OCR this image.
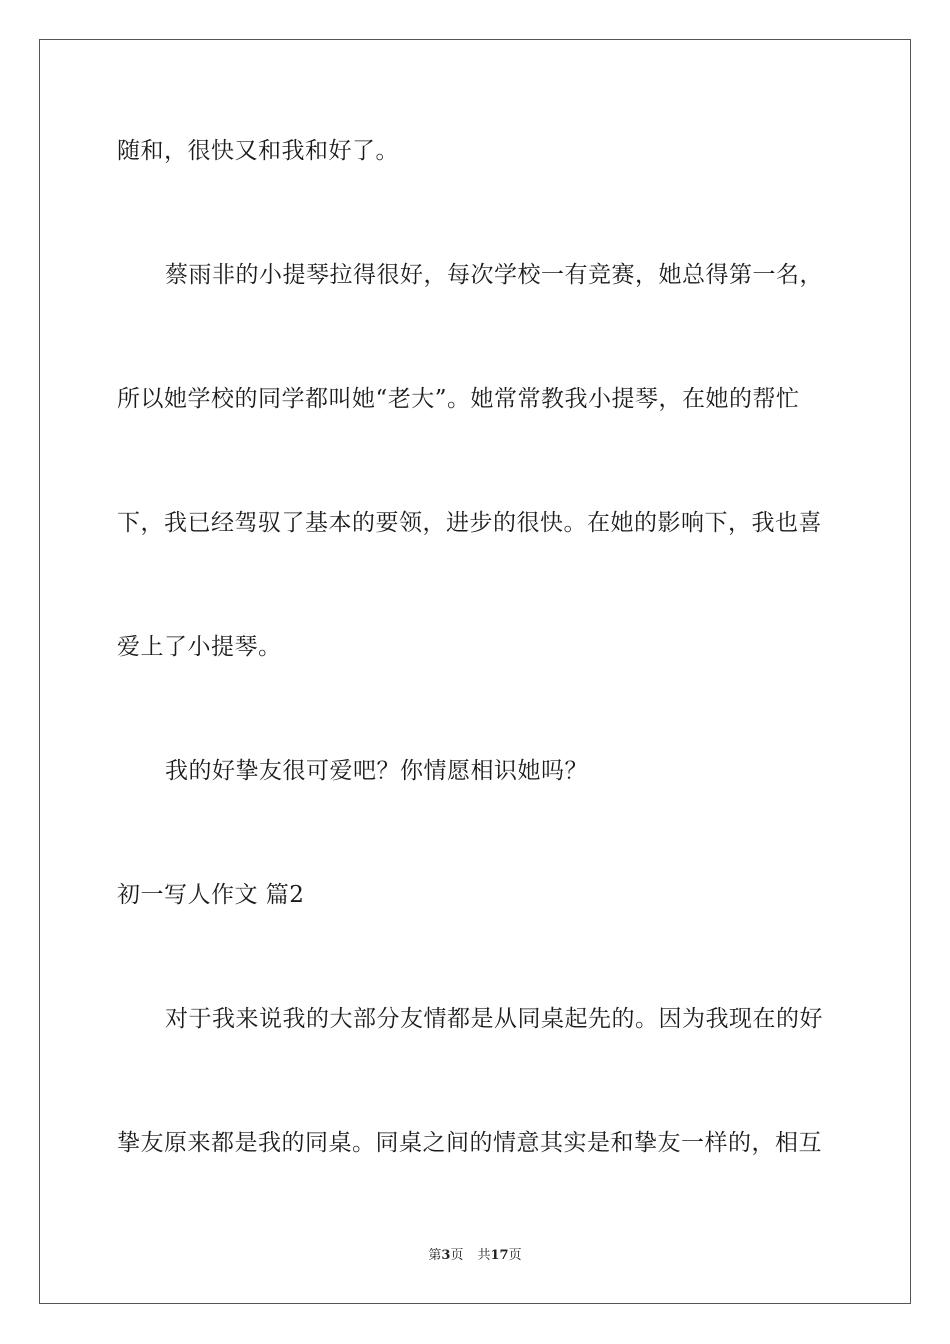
随和，很快又和我和好了。
蔡雨非的小提琴拉得很好，每次学校一有竞赛，她总得第一名，
所以她学校的同学都叫她“老大”。她常常教我小提琴，在她的帮忙
下，我已经驾驭了基本的要领，进步的很快。在她的影响下，我也喜
爱上了小提琴。
我的好挚友很可爱吧？你情愿相识她吗？
初一写人作文 篇2
对于我来说我的大部分友情都是从同桌起先的。因为我现在的好
挚友原来都是我的同桌。同桌之间的情意其实是和挚友一样的，相互
第3页 共17页
